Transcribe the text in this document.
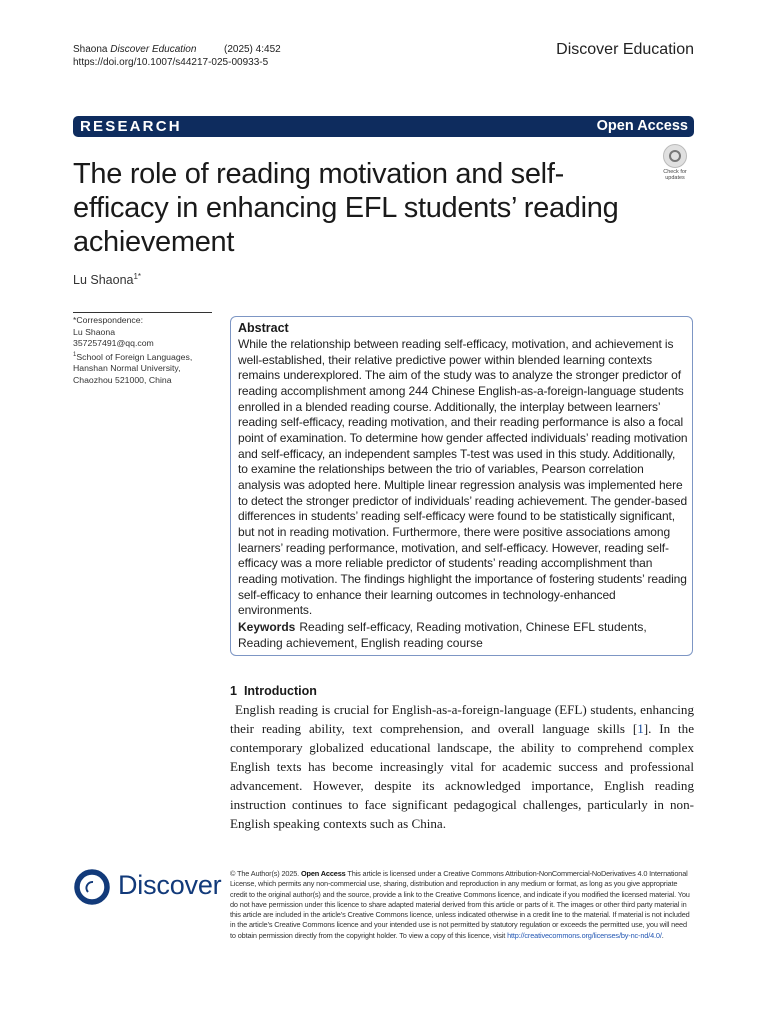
Shaona Discover Education	(2025) 4:452
https://doi.org/10.1007/s44217-025-00933-5
Discover Education
RESEARCH	Open Access
The role of reading motivation and self-efficacy in enhancing EFL students’ reading achievement
Check for
updates
Lu Shaona$^{1*}$
*Correspondence:
Lu Shaona
357257491@qq.com
$^1$School of Foreign Languages,
Hanshan Normal University,
Chaozhou 521000, China
Abstract
While the relationship between reading self-efficacy, motivation, and achievement is well-established, their relative predictive power within blended learning contexts remains underexplored. The aim of the study was to analyze the stronger predictor of reading accomplishment among 244 Chinese English-as-a-foreign-language students enrolled in a blended reading course. Additionally, the interplay between learners’ reading self-efficacy, reading motivation, and their reading performance is also a focal point of examination. To determine how gender affected individuals’ reading motivation and self-efficacy, an independent samples T-test was used in this study. Additionally, to examine the relationships between the trio of variables, Pearson correlation analysis was adopted here. Multiple linear regression analysis was implemented here to detect the stronger predictor of individuals’ reading achievement. The gender-based differences in students’ reading self-efficacy were found to be statistically significant, but not in reading motivation. Furthermore, there were positive associations among learners’ reading performance, motivation, and self-efficacy. However, reading self-efficacy was a more reliable predictor of students’ reading accomplishment than reading motivation. The findings highlight the importance of fostering students’ reading self-efficacy to enhance their learning outcomes in technology-enhanced environments.
Keywords Reading self-efficacy, Reading motivation, Chinese EFL students, Reading achievement, English reading course
1 Introduction
English reading is crucial for English-as-a-foreign-language (EFL) students, enhancing their reading ability, text comprehension, and overall language skills [1]. In the contemporary globalized educational landscape, the ability to comprehend complex English texts has become increasingly vital for academic success and professional advancement. However, despite its acknowledged importance, English reading instruction continues to face significant pedagogical challenges, particularly in non-English speaking contexts such as China.
Discover © The Author(s) 2025. Open Access This article is licensed under a Creative Commons Attribution-NonCommercial-NoDerivatives 4.0 International License, which permits any non-commercial use, sharing, distribution and reproduction in any medium or format, as long as you give appropriate credit to the original author(s) and the source, provide a link to the Creative Commons licence, and indicate if you modified the licensed material. You do not have permission under this licence to share adapted material derived from this article or parts of it. The images or other third party material in this article are included in the article’s Creative Commons licence, unless indicated otherwise in a credit line to the material. If material is not included in the article’s Creative Commons licence and your intended use is not permitted by statutory regulation or exceeds the permitted use, you will need to obtain permission directly from the copyright holder. To view a copy of this licence, visit http://creativecommons.org/licenses/by-nc-nd/4.0/.
